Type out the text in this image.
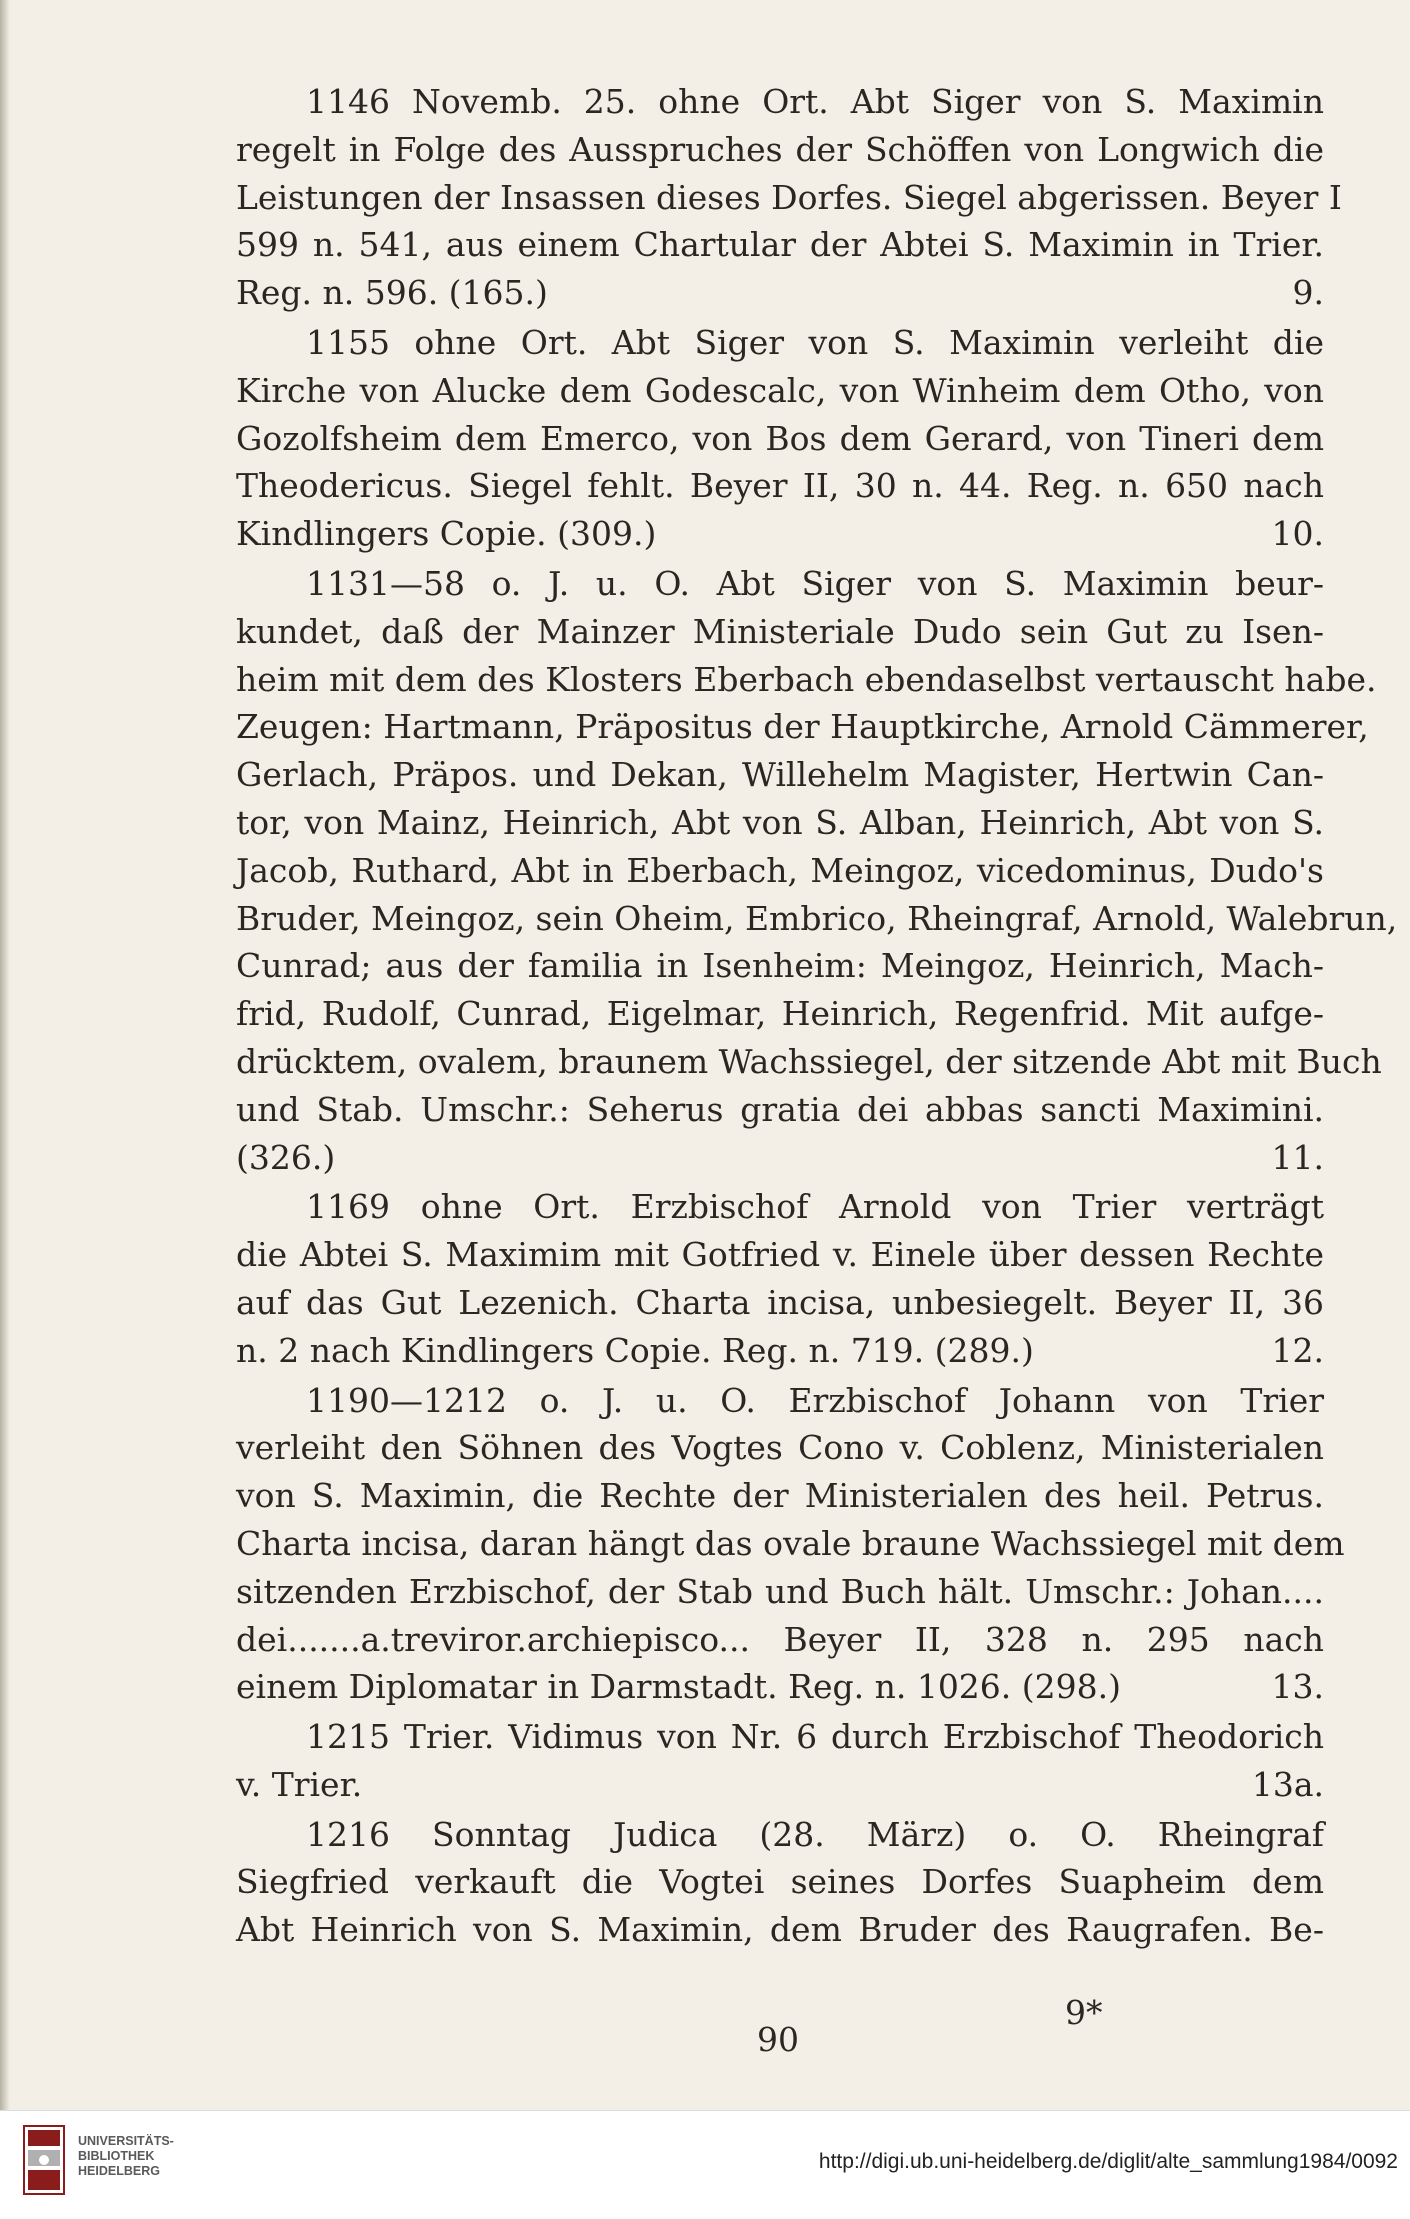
1146 Novemb. 25. ohne Ort. Abt Siger von S. Maximin
regelt in Folge des Ausspruches der Schöffen von Longwich die
Leistungen der Insassen dieses Dorfes. Siegel abgerissen. Beyer I
599 n. 541, aus einem Chartular der Abtei S. Maximin in Trier.
Reg. n. 596. (165.)	9.
1155 ohne Ort. Abt Siger von S. Maximin verleiht die
Kirche von Alucke dem Godescalc, von Winheim dem Otho, von
Gozolfsheim dem Emerco, von Bos dem Gerard, von Tineri dem
Theodericus. Siegel fehlt. Beyer II, 30 n. 44. Reg. n. 650 nach
Kindlingers Copie. (309.)	10.
1131—58 o. J. u. O. Abt Siger von S. Maximin beur-
kundet, daß der Mainzer Ministeriale Dudo sein Gut zu Isen-
heim mit dem des Klosters Eberbach ebendaselbst vertauscht habe.
Zeugen: Hartmann, Präpositus der Hauptkirche, Arnold Cämmerer,
Gerlach, Präpos. und Dekan, Willehelm Magister, Hertwin Can-
tor, von Mainz, Heinrich, Abt von S. Alban, Heinrich, Abt von S.
Jacob, Ruthard, Abt in Eberbach, Meingoz, vicedominus, Dudo's
Bruder, Meingoz, sein Oheim, Embrico, Rheingraf, Arnold, Walebrun,
Cunrad; aus der familia in Isenheim: Meingoz, Heinrich, Mach-
frid, Rudolf, Cunrad, Eigelmar, Heinrich, Regenfrid. Mit aufge-
drücktem, ovalem, braunem Wachssiegel, der sitzende Abt mit Buch
und Stab. Umschr.: Seherus gratia dei abbas sancti Maximini.
(326.)	11.
1169 ohne Ort. Erzbischof Arnold von Trier verträgt
die Abtei S. Maximim mit Gotfried v. Einele über dessen Rechte
auf das Gut Lezenich. Charta incisa, unbesiegelt. Beyer II, 36
n. 2 nach Kindlingers Copie. Reg. n. 719. (289.)	12.
1190—1212 o. J. u. O. Erzbischof Johann von Trier
verleiht den Söhnen des Vogtes Cono v. Coblenz, Ministerialen
von S. Maximin, die Rechte der Ministerialen des heil. Petrus.
Charta incisa, daran hängt das ovale braune Wachssiegel mit dem
sitzenden Erzbischof, der Stab und Buch hält. Umschr.: Johan....
dei.......a.treviror.archiepisco... Beyer II, 328 n. 295 nach
einem Diplomatar in Darmstadt. Reg. n. 1026. (298.)	13.
1215 Trier. Vidimus von Nr. 6 durch Erzbischof Theodorich
v. Trier.	13a.
1216 Sonntag Judica (28. März) o. O. Rheingraf
Siegfried verkauft die Vogtei seines Dorfes Suapheim dem
Abt Heinrich von S. Maximin, dem Bruder des Raugrafen. Be-
9*
90
UNIVERSITÄTS-
BIBLIOTHEK
HEIDELBERG	http://digi.ub.uni-heidelberg.de/diglit/alte_sammlung1984/0092
